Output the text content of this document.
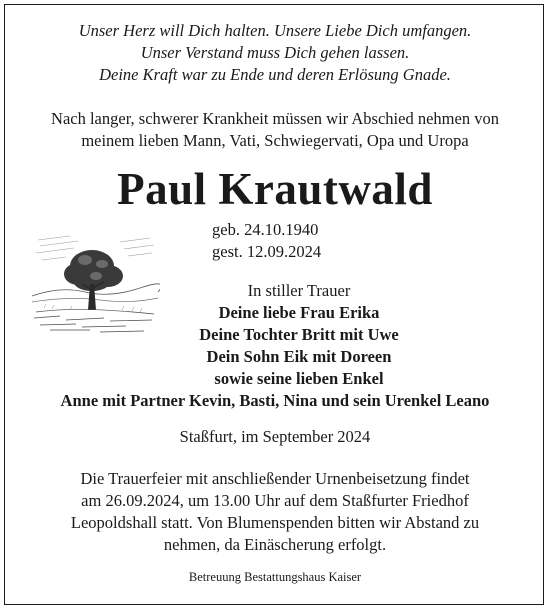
Unser Herz will Dich halten. Unsere Liebe Dich umfangen.
Unser Verstand muss Dich gehen lassen.
Deine Kraft war zu Ende und deren Erlösung Gnade.
Nach langer, schwerer Krankheit müssen wir Abschied nehmen von
meinem lieben Mann, Vati, Schwiegervati, Opa und Uropa
Paul Krautwald
geb. 24.10.1940
gest. 12.09.2024
In stiller Trauer
Deine liebe Frau Erika
Deine Tochter Britt mit Uwe
Dein Sohn Eik mit Doreen
sowie seine lieben Enkel
Anne mit Partner Kevin, Basti, Nina und sein Urenkel Leano
Staßfurt, im September 2024
Die Trauerfeier mit anschließender Urnenbeisetzung findet
am 26.09.2024, um 13.00 Uhr auf dem Staßfurter Friedhof
Leopoldshall statt. Von Blumenspenden bitten wir Abstand zu
nehmen, da Einäscherung erfolgt.
Betreuung Bestattungshaus Kaiser
